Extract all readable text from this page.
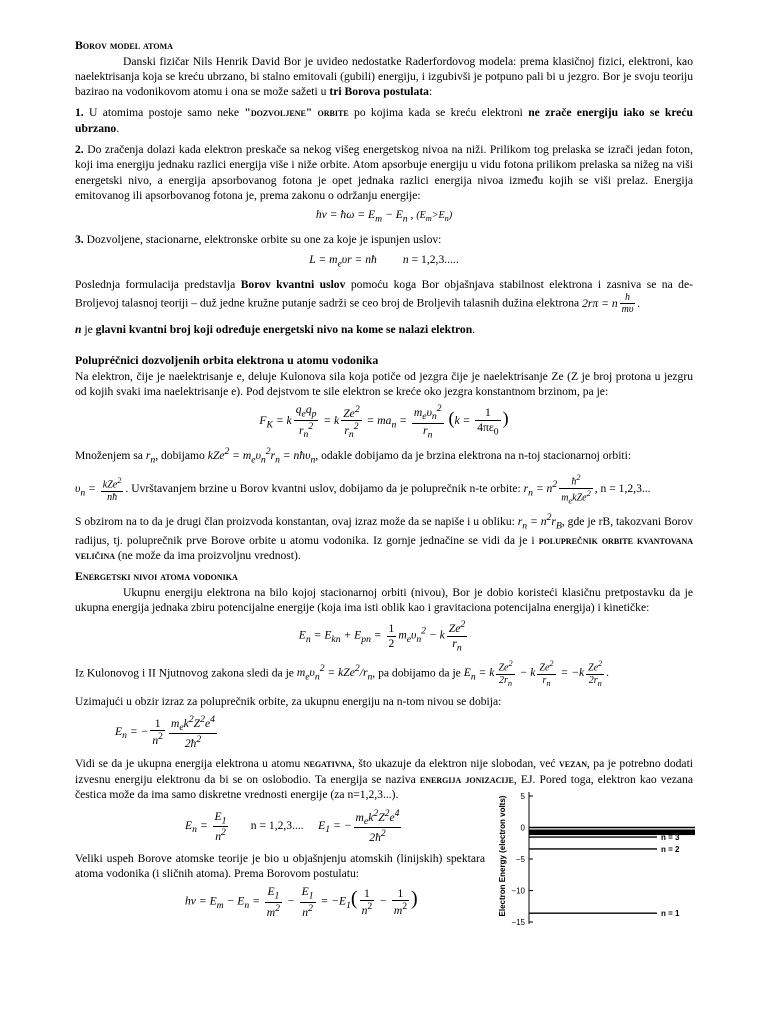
Borov model atoma

Danski fizičar Nils Henrik David Bor je uvideo nedostatke Raderfordovog modela: prema klasičnoj fizici, elektroni, kao naelektrisanja koja se kreću ubrzano, bi stalno emitovali (gubili) energiju, i izgubivši je potpuno pali bi u jezgro. Bor je svoju teoriju bazirao na vodonikovom atomu i ona se može sažeti u tri Borova postulata:

1. U atomima postoje samo neke "dozvoljene" orbite po kojima kada se kreću elektroni ne zrače energiju iako se kreću ubrzano.

2. Do zračenja dolazi kada elektron preskače sa nekog višeg energetskog nivoa na niži. Prilikom tog prelaska se izrači jedan foton, koji ima energiju jednaku razlici energija više i niže orbite. Atom apsorbuje energiju u vidu fotona prilikom prelaska sa nižeg na viši energetski nivo, a energija apsorbovanog fotona je opet jednaka razlici energija nivoa između kojih se viši prelaz. Energija emitovanog ili apsorbovanog fotona je, prema zakonu o održanju energije:

hν = ħω = $E_m - E_n$ , $(E_m>E_n)$

3. Dozvoljene, stacionarne, elektronske orbite su one za koje je ispunjen uslov:

$L = m_e\upsilon r$ = nħ         n = 1,2,3.....

Poslednja formulacija predstavlja Borov kvantni uslov pomoću koga Bor objašnjava stabilnost elektrona i zasniva se na de-Broljevoj talasnoj teoriji – duž jedne kružne putanje sadrži se ceo broj de Broljevih talasnih dužina elektrona 2rπ = n $\frac{h}{m\upsilon}$ .

n je glavni kvantni broj koji određuje energetski nivo na kome se nalazi elektron.

Polupréčnici dozvoljenih orbita elektrona u atomu vodonika

Na elektron, čije je naelektrisanje e, deluje Kulonova sila koja potiče od jezgra čije je naelektrisanje Ze (Z je broj protona u jezgru od kojih svaki ima naelektrisanje e). Pod dejstvom te sile elektron se kreće oko jezgra konstantnom brzinom, pa je:

$F_K = k \frac{q_eq_p}{r_n^2} = k \frac{Ze^2}{r_n^2} = ma_n = \frac{m_e\upsilon_n^2}{r_n} (k = \frac{1}{4\pi\varepsilon_0}$ )

Množenjem sa $r_n$, dobijamo $kZe^2 = m_e\upsilon_n^2r_n$ = nħυ$_n$, odakle dobijamo da je brzina elektrona na n-toj stacionarnoj orbiti:

$\upsilon_n = \frac{kZe^2}{nħ}$ . Uvrštavanjem brzine u Borov kvantni uslov, dobijamo da je poluprečnik n-te orbite: $r_n = n^2 \frac{ħ^2}{m_ekZe^2}$ , n = 1,2,3...

S obzirom na to da je drugi član proizvoda konstantan, ovaj izraz može da se napiše i u obliku: $r_n = n^2r_B$, gde je rB, takozvani Borov radijus, tj. poluprečnik prve Borove orbite u atomu vodonika. Iz gornje jednačine se vidi da je i poluprečnik orbite kvantovana veličina (ne može da ima proizvoljnu vrednost).

Energetski nivoi atoma vodonika

Ukupnu energiju elektrona na bilo kojoj stacionarnoj orbiti (nivou), Bor je dobio koristeći klasičnu pretpostavku da je ukupna energija jednaka zbiru potencijalne energije (koja ima isti oblik kao i gravitaciona potencijalna energija) i kinetičke:

$E_n = E_{kn} + E_{pn} = \frac{1}{2} m_e\upsilon_n^2 - k \frac{Ze^2}{r_n}$

Iz Kulonovog i II Njutnovog zakona sledi da je $m_e\upsilon_n^2 = kZe^2/r_n$, pa dobijamo da je $E_n = k \frac{Ze^2}{2r_n} - k \frac{Ze^2}{r_n} = -k \frac{Ze^2}{2r_n}$ .

Uzimajući u obzir izraz za poluprečnik orbite, za ukupnu energiju na n-tom nivou se dobija:

$E_n$ = − $\frac{1}{n^2} \frac{m_ek^2Z^2e^4}{2ħ^2}$

Vidi se da je ukupna energija elektrona u atomu negativna, što ukazuje da elektron nije slobodan, već vezan, pa je potrebno dodati izvesnu energiju elektronu da bi se on oslobodio. Ta energija se naziva energija jonizacije, EJ. Pored toga, elektron kao vezana čestica može da ima samo diskretne vrednosti energije (za n=1,2,3...).

$E_n = \frac{E_1}{n^2}$ n = 1,2,3....     $E_1$ = − $\frac{m_ek^2Z^2e^4}{2ħ^2}$

Veliki uspeh Borove atomske teorije je bio u objašnjenju atomskih (linijskih) spektara atoma vodonika (i sličnih atoma). Prema Borovom postulatu:

$h\nu = E_m - E_n = \frac{E_1}{m^2} - \frac{E_1}{n^2} = -E_1( \frac{1}{n^2} - \frac{1}{m^2}$ )	Electron Energy (electron volts) 5
0
−5
−10
−15
n = 1
n = 2
n = 3
